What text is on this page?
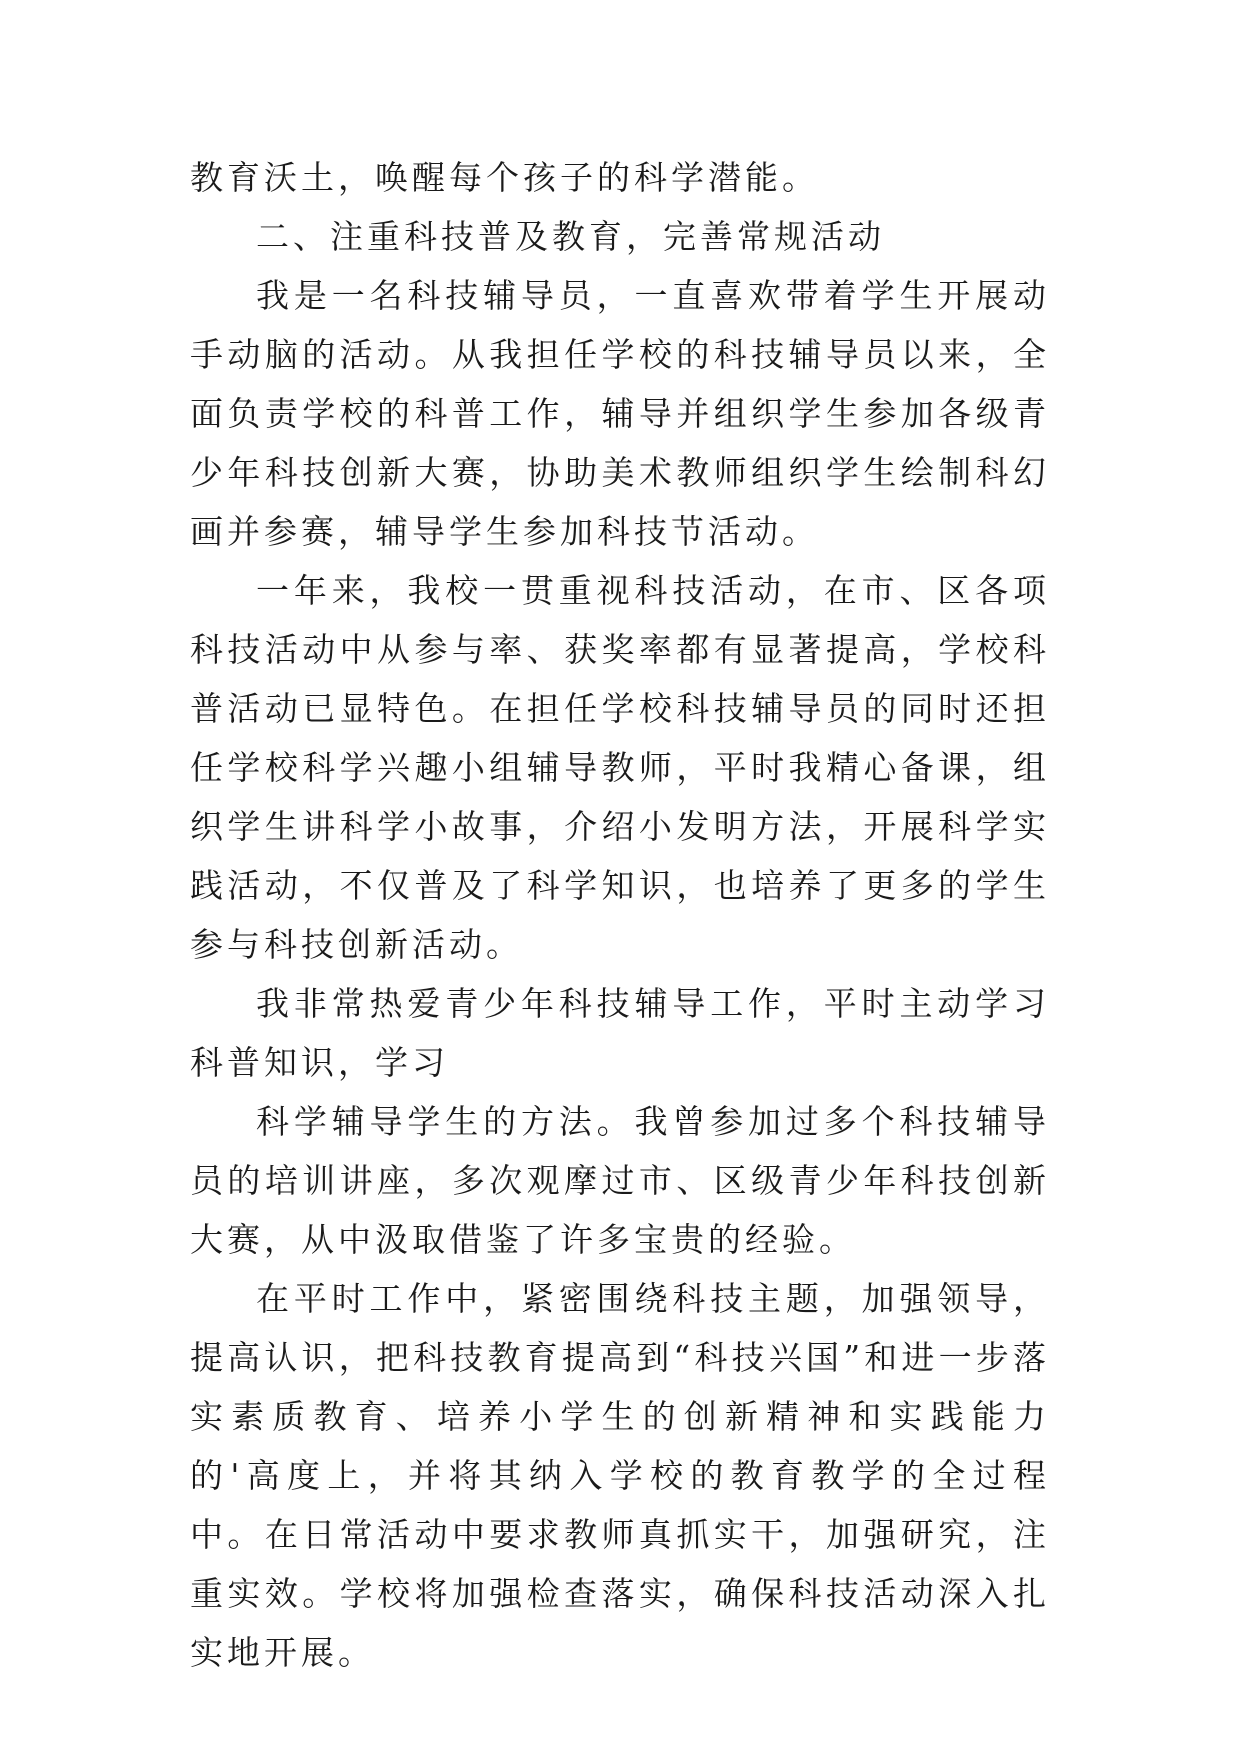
教育沃土，唤醒每个孩子的科学潜能。

二、注重科技普及教育，完善常规活动

我是一名科技辅导员，一直喜欢带着学生开展动手动脑的活动。从我担任学校的科技辅导员以来，全面负责学校的科普工作，辅导并组织学生参加各级青少年科技创新大赛，协助美术教师组织学生绘制科幻画并参赛，辅导学生参加科技节活动。

一年来，我校一贯重视科技活动，在市、区各项科技活动中从参与率、获奖率都有显著提高，学校科普活动已显特色。在担任学校科技辅导员的同时还担任学校科学兴趣小组辅导教师，平时我精心备课，组织学生讲科学小故事，介绍小发明方法，开展科学实践活动，不仅普及了科学知识，也培养了更多的学生参与科技创新活动。

我非常热爱青少年科技辅导工作，平时主动学习科普知识，学习

科学辅导学生的方法。我曾参加过多个科技辅导员的培训讲座，多次观摩过市、区级青少年科技创新大赛，从中汲取借鉴了许多宝贵的经验。

在平时工作中，紧密围绕科技主题，加强领导，提高认识，把科技教育提高到“科技兴国”和进一步落实素质教育、培养小学生的创新精神和实践能力的'高度上，并将其纳入学校的教育教学的全过程中。在日常活动中要求教师真抓实干，加强研究，注重实效。学校将加强检查落实，确保科技活动深入扎实地开展。
